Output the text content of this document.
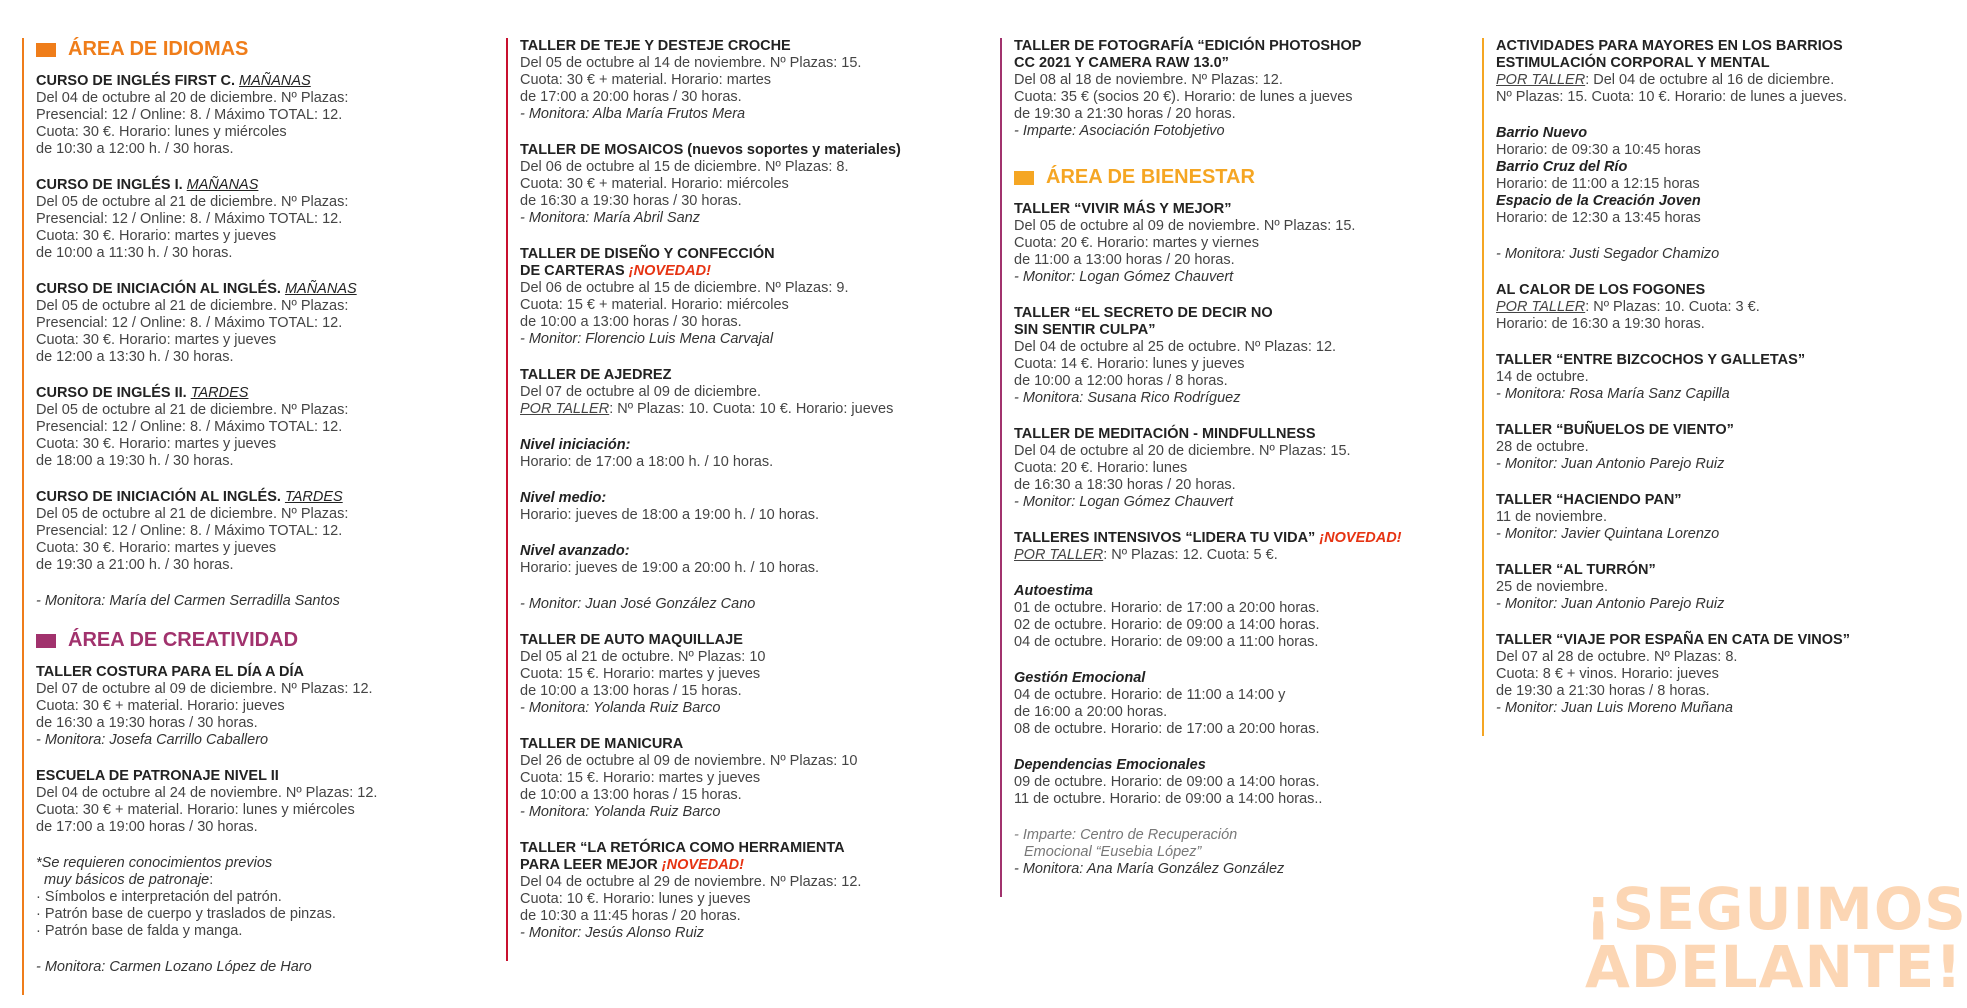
ÁREA DE IDIOMAS
CURSO DE INGLÉS FIRST C. MAÑANAS
Del 04 de octubre al 20 de diciembre. Nº Plazas:
Presencial: 12 / Online: 8. / Máximo TOTAL: 12.
Cuota: 30 €. Horario: lunes y miércoles
de 10:30 a 12:00 h. / 30 horas.
CURSO DE INGLÉS I. MAÑANAS
Del 05 de octubre al 21 de diciembre. Nº Plazas:
Presencial: 12 / Online: 8. / Máximo TOTAL: 12.
Cuota: 30 €. Horario: martes y jueves
de 10:00 a 11:30 h. / 30 horas.
CURSO DE INICIACIÓN AL INGLÉS. MAÑANAS
Del 05 de octubre al 21 de diciembre. Nº Plazas:
Presencial: 12 / Online: 8. / Máximo TOTAL: 12.
Cuota: 30 €. Horario: martes y jueves
de 12:00 a 13:30 h. / 30 horas.
CURSO DE INGLÉS II. TARDES
Del 05 de octubre al 21 de diciembre. Nº Plazas:
Presencial: 12 / Online: 8. / Máximo TOTAL: 12.
Cuota: 30 €. Horario: martes y jueves
de 18:00 a 19:30 h. / 30 horas.
CURSO DE INICIACIÓN AL INGLÉS. TARDES
Del 05 de octubre al 21 de diciembre. Nº Plazas:
Presencial: 12 / Online: 8. / Máximo TOTAL: 12.
Cuota: 30 €. Horario: martes y jueves
de 19:30 a 21:00 h. / 30 horas.
- Monitora: María del Carmen Serradilla Santos
ÁREA DE CREATIVIDAD
TALLER COSTURA PARA EL DÍA A DÍA
Del 07 de octubre al 09 de diciembre. Nº Plazas: 12.
Cuota: 30 € + material. Horario: jueves
de 16:30 a 19:30 horas / 30 horas.
- Monitora: Josefa Carrillo Caballero
ESCUELA DE PATRONAJE NIVEL II
Del 04 de octubre al 24 de noviembre. Nº Plazas: 12.
Cuota: 30 € + material. Horario: lunes y miércoles
de 17:00 a 19:00 horas / 30 horas.
*Se requieren conocimientos previos
muy básicos de patronaje:
· Símbolos e interpretación del patrón.
· Patrón base de cuerpo y traslados de pinzas.
· Patrón base de falda y manga.
- Monitora: Carmen Lozano López de Haro
TALLER DE TEJE Y DESTEJE CROCHE
Del 05 de octubre al 14 de noviembre. Nº Plazas: 15.
Cuota: 30 € + material. Horario: martes
de 17:00 a 20:00 horas / 30 horas.
- Monitora: Alba María Frutos Mera
TALLER DE MOSAICOS (nuevos soportes y materiales)
Del 06 de octubre al 15 de diciembre. Nº Plazas: 8.
Cuota: 30 € + material. Horario: miércoles
de 16:30 a 19:30 horas / 30 horas.
- Monitora: María Abril Sanz
TALLER DE DISEÑO Y CONFECCIÓN
DE CARTERAS ¡NOVEDAD!
Del 06 de octubre al 15 de diciembre. Nº Plazas: 9.
Cuota: 15 € + material. Horario: miércoles
de 10:00 a 13:00 horas / 30 horas.
- Monitor: Florencio Luis Mena Carvajal
TALLER DE AJEDREZ
Del 07 de octubre al 09 de diciembre.
POR TALLER: Nº Plazas: 10. Cuota: 10 €. Horario: jueves
Nivel iniciación:
Horario: de 17:00 a 18:00 h. / 10 horas.
Nivel medio:
Horario: jueves de 18:00 a 19:00 h. / 10 horas.
Nivel avanzado:
Horario: jueves de 19:00 a 20:00 h. / 10 horas.
- Monitor: Juan José González Cano
TALLER DE AUTO MAQUILLAJE
Del 05 al 21 de octubre. Nº Plazas: 10
Cuota: 15 €. Horario: martes y jueves
de 10:00 a 13:00 horas / 15 horas.
- Monitora: Yolanda Ruiz Barco
TALLER DE MANICURA
Del 26 de octubre al 09 de noviembre. Nº Plazas: 10
Cuota: 15 €. Horario: martes y jueves
de 10:00 a 13:00 horas / 15 horas.
- Monitora: Yolanda Ruiz Barco
TALLER “LA RETÓRICA COMO HERRAMIENTA
PARA LEER MEJOR ¡NOVEDAD!
Del 04 de octubre al 29 de noviembre. Nº Plazas: 12.
Cuota: 10 €. Horario: lunes y jueves
de 10:30 a 11:45 horas / 20 horas.
- Monitor: Jesús Alonso Ruiz
TALLER DE FOTOGRAFÍA “EDICIÓN PHOTOSHOP
CC 2021 Y CAMERA RAW 13.0”
Del 08 al 18 de noviembre. Nº Plazas: 12.
Cuota: 35 € (socios 20 €). Horario: de lunes a jueves
de 19:30 a 21:30 horas / 20 horas.
- Imparte: Asociación Fotobjetivo
ÁREA DE BIENESTAR
TALLER “VIVIR MÁS Y MEJOR”
Del 05 de octubre al 09 de noviembre. Nº Plazas: 15.
Cuota: 20 €. Horario: martes y viernes
de 11:00 a 13:00 horas / 20 horas.
- Monitor: Logan Gómez Chauvert
TALLER “EL SECRETO DE DECIR NO
SIN SENTIR CULPA”
Del 04 de octubre al 25 de octubre. Nº Plazas: 12.
Cuota: 14 €. Horario: lunes y jueves
de 10:00 a 12:00 horas / 8 horas.
- Monitora: Susana Rico Rodríguez
TALLER DE MEDITACIÓN - MINDFULLNESS
Del 04 de octubre al 20 de diciembre. Nº Plazas: 15.
Cuota: 20 €. Horario: lunes
de 16:30 a 18:30 horas / 20 horas.
- Monitor: Logan Gómez Chauvert
TALLERES INTENSIVOS “LIDERA TU VIDA” ¡NOVEDAD!
POR TALLER: Nº Plazas: 12. Cuota: 5 €.
Autoestima
01 de octubre. Horario: de 17:00 a 20:00 horas.
02 de octubre. Horario: de 09:00 a 14:00 horas.
04 de octubre. Horario: de 09:00 a 11:00 horas.
Gestión Emocional
04 de octubre. Horario: de 11:00 a 14:00 y
de 16:00 a 20:00 horas.
08 de octubre. Horario: de 17:00 a 20:00 horas.
Dependencias Emocionales
09 de octubre. Horario: de 09:00 a 14:00 horas.
11 de octubre. Horario: de 09:00 a 14:00 horas..
- Imparte: Centro de Recuperación
Emocional “Eusebia López”
- Monitora: Ana María González González
ACTIVIDADES PARA MAYORES EN LOS BARRIOS
ESTIMULACIÓN CORPORAL Y MENTAL
POR TALLER: Del 04 de octubre al 16 de diciembre.
Nº Plazas: 15. Cuota: 10 €. Horario: de lunes a jueves.
Barrio Nuevo
Horario: de 09:30 a 10:45 horas
Barrio Cruz del Río
Horario: de 11:00 a 12:15 horas
Espacio de la Creación Joven
Horario: de 12:30 a 13:45 horas
- Monitora: Justi Segador Chamizo
AL CALOR DE LOS FOGONES
POR TALLER: Nº Plazas: 10. Cuota: 3 €.
Horario: de 16:30 a 19:30 horas.
TALLER “ENTRE BIZCOCHOS Y GALLETAS”
14 de octubre.
- Monitora: Rosa María Sanz Capilla
TALLER “BUÑUELOS DE VIENTO”
28 de octubre.
- Monitor: Juan Antonio Parejo Ruiz
TALLER “HACIENDO PAN”
11 de noviembre.
- Monitor: Javier Quintana Lorenzo
TALLER “AL TURRÓN”
25 de noviembre.
- Monitor: Juan Antonio Parejo Ruiz
TALLER “VIAJE POR ESPAÑA EN CATA DE VINOS”
Del 07 al 28 de octubre. Nº Plazas: 8.
Cuota: 8 € + vinos. Horario: jueves
de 19:30 a 21:30 horas / 8 horas.
- Monitor: Juan Luis Moreno Muñana
¡SEGUIMOS
ADELANTE!
